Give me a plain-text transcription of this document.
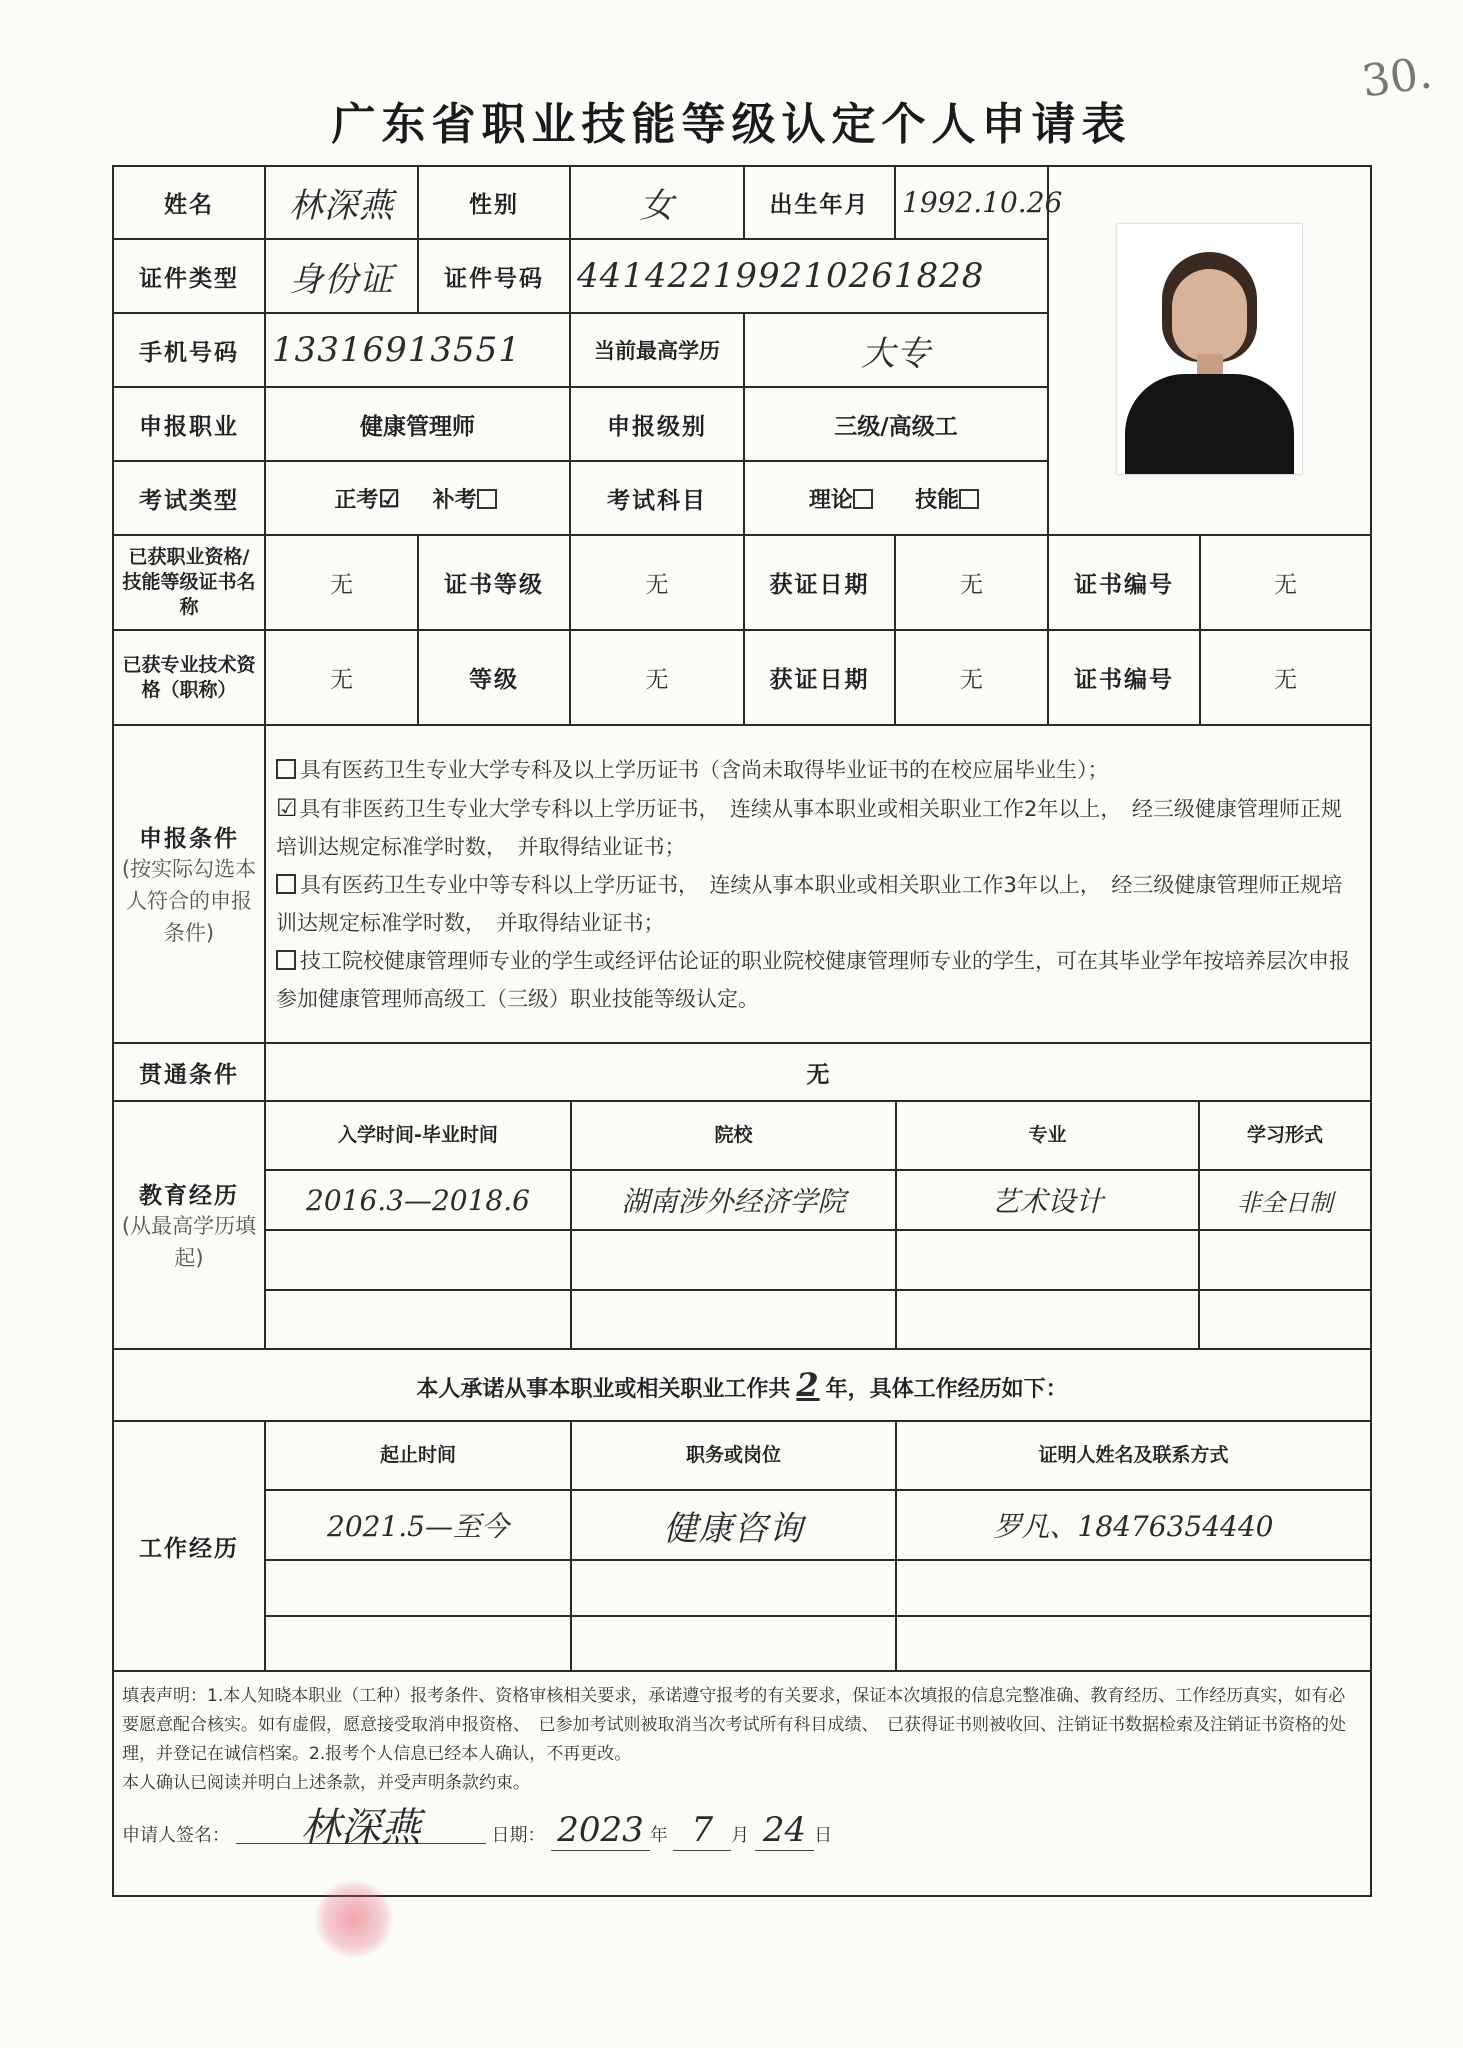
30.
广东省职业技能等级认定个人申请表
姓名	林深燕	性别	女	出生年月	1992.10.26	

证件类型	身份证	证件号码	441422199210261828
手机号码	13316913551	当前最高学历	大专
申报职业	健康管理师	申报级别	三级/高级工
考试类型	正考☑ 补考	考试科目	理论	技能
已获职业资格/技能等级证书名称	无	证书等级	无	获证日期	无	证书编号	无
已获专业技术资格（职称）	无	等级	无	获证日期	无	证书编号	无

申报条件
(按实际勾选本人符合的申报条件)

具有医药卫生专业大学专科及以上学历证书（含尚未取得毕业证书的在校应届毕业生）；
☑具有非医药卫生专业大学专科以上学历证书，　连续从事本职业或相关职业工作2年以上，　经三级健康管理师正规培训达规定标准学时数，　并取得结业证书；
具有医药卫生专业中等专科以上学历证书，　连续从事本职业或相关职业工作3年以上，　经三级健康管理师正规培训达规定标准学时数，　并取得结业证书；
技工院校健康管理师专业的学生或经评估论证的职业院校健康管理师专业的学生，可在其毕业学年按培养层次申报参加健康管理师高级工（三级）职业技能等级认定。

贯通条件	无

教育经历
(从最高学历填起)

入学时间-毕业时间	院校	专业	学习形式
2016.3—2018.6	湖南涉外经济学院	艺术设计	非全日制

本人承诺从事本职业或相关职业工作共 2 年，具体工作经历如下：
工作经历	
起止时间	职务或岗位	证明人姓名及联系方式
2021.5—至今	健康咨询	罗凡、18476354440

填表声明：1.本人知晓本职业（工种）报考条件、资格审核相关要求，承诺遵守报考的有关要求，保证本次填报的信息完整准确、教育经历、工作经历真实，如有必要愿意配合核实。如有虚假，愿意接受取消申报资格、　已参加考试则被取消当次考试所有科目成绩、　已获得证书则被收回、注销证书数据检索及注销证书资格的处理，并登记在诚信档案。2.报考个人信息已经本人确认，不再更改。
本人确认已阅读并明白上述条款，并受声明条款约束。
申请人签名： 林深燕	日期： 2023 年 7 月 24 日
